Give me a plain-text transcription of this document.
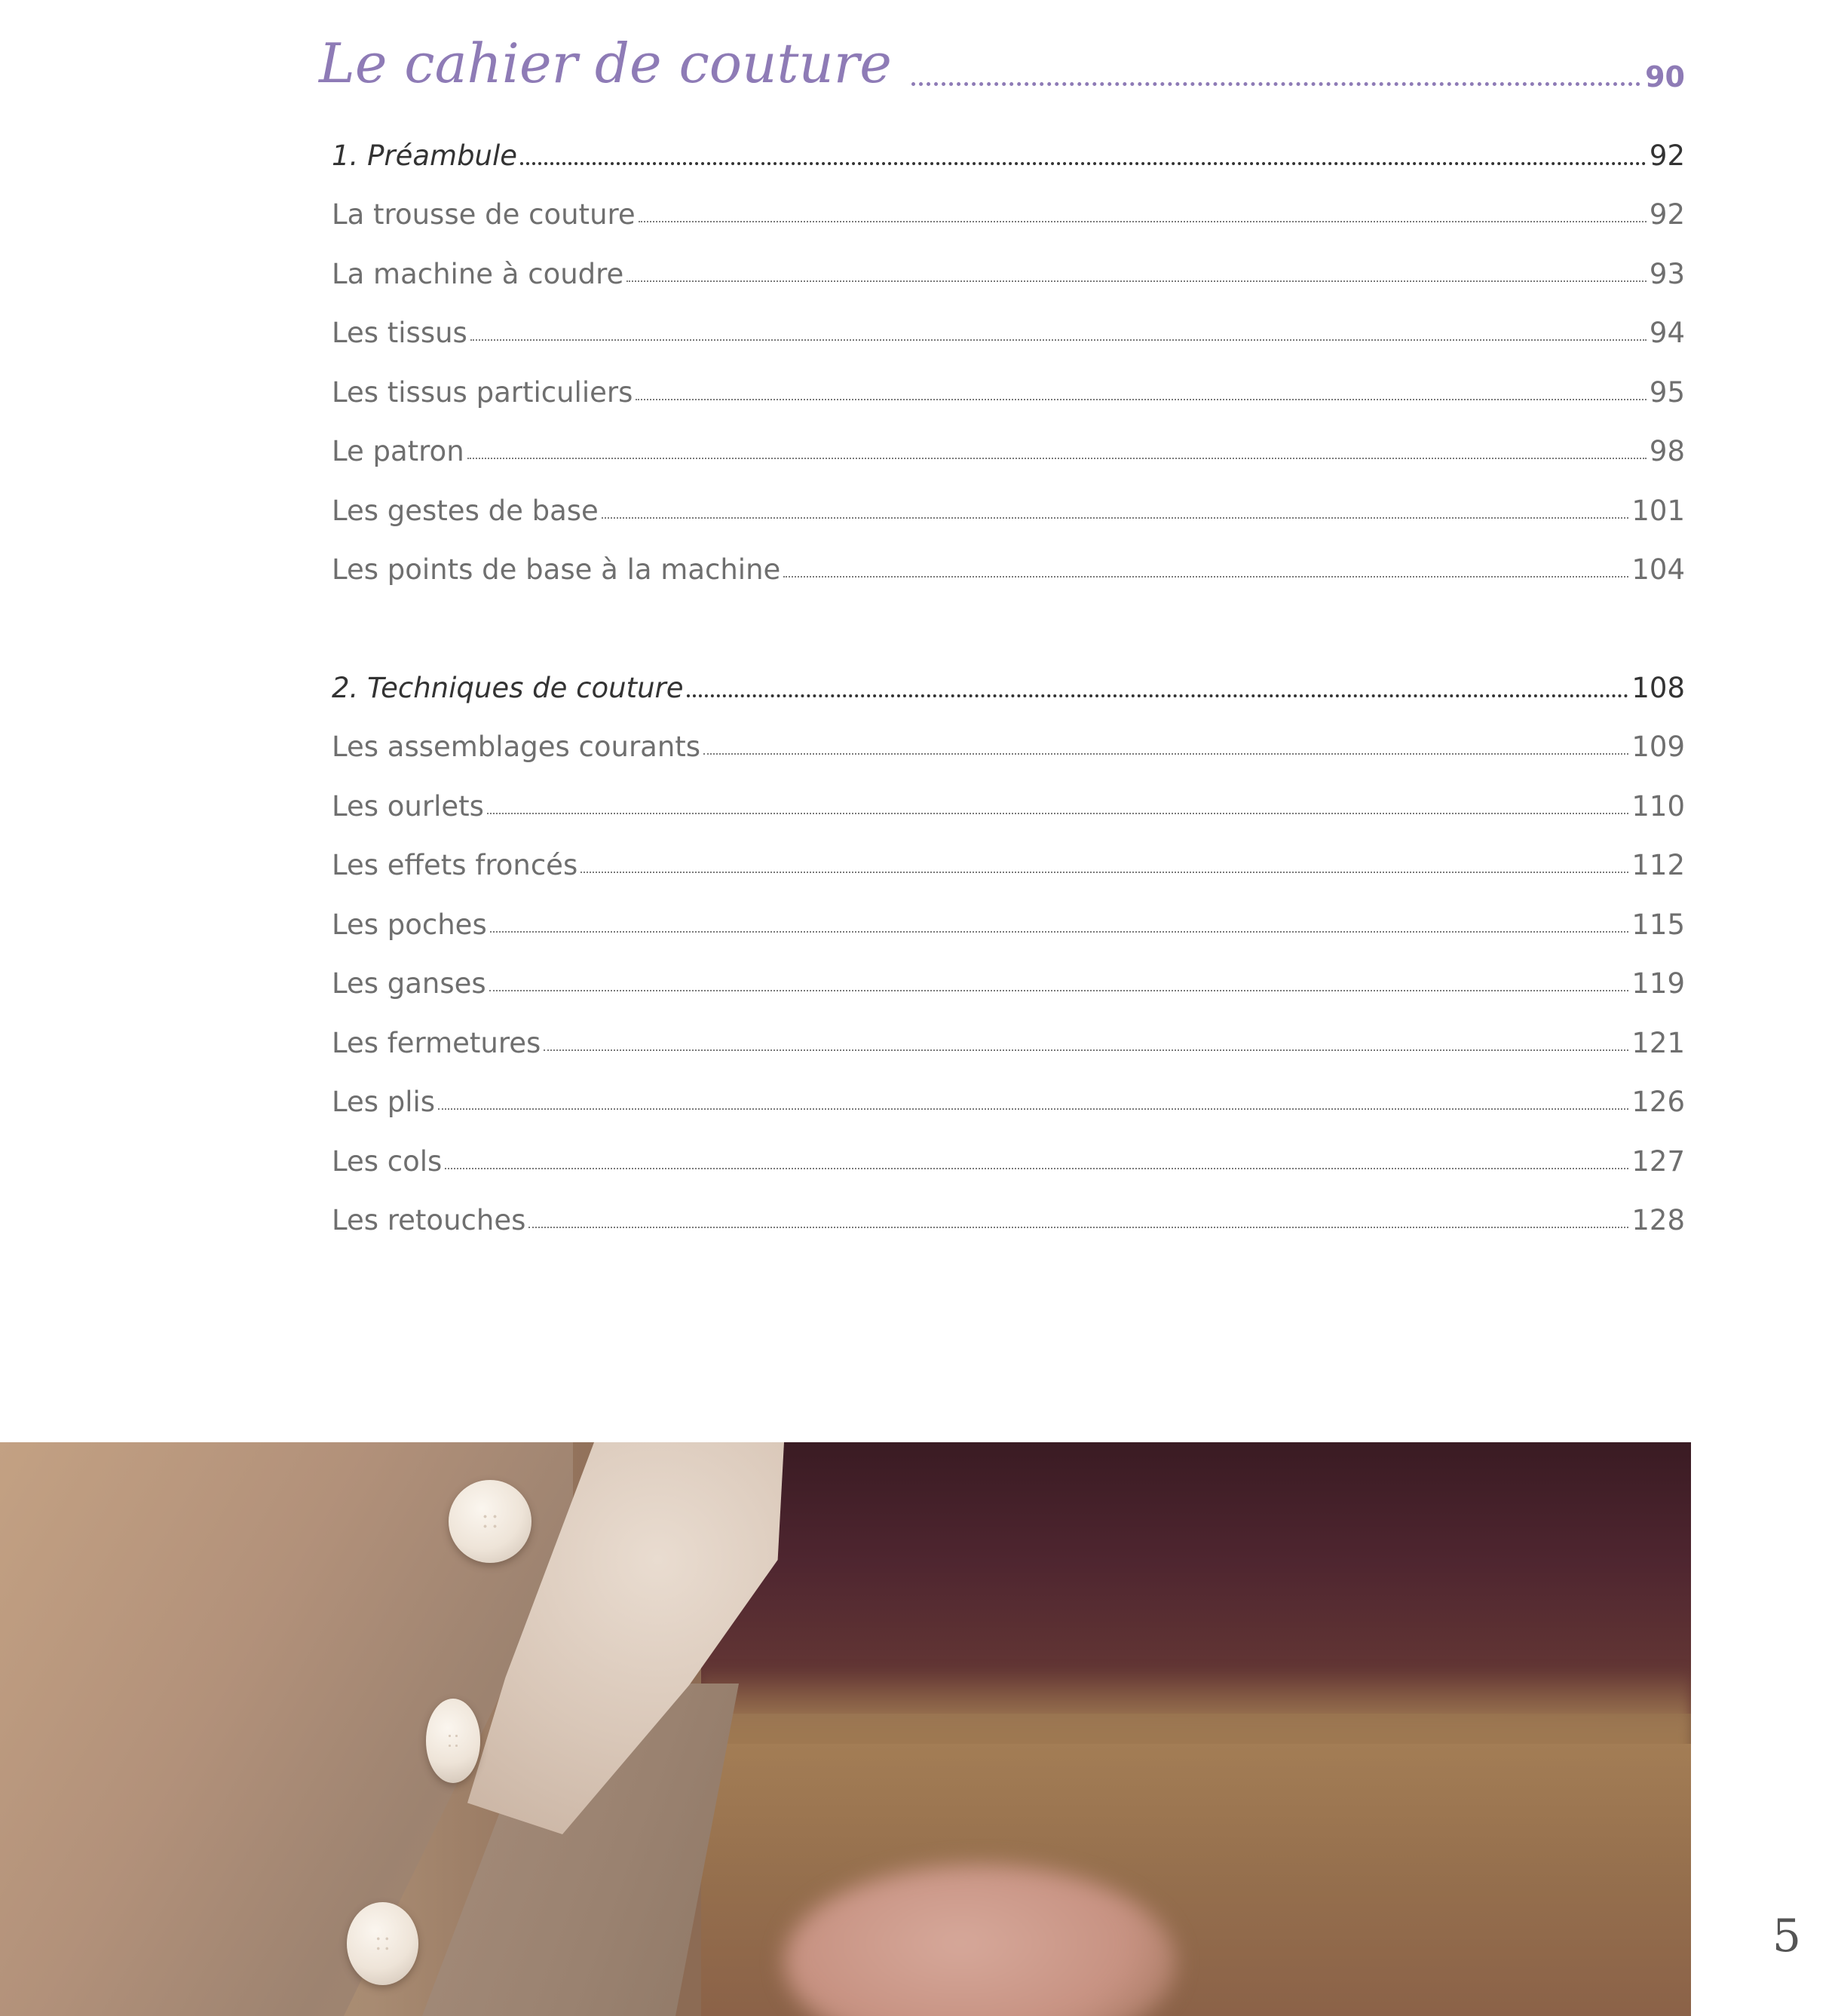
Le cahier de couture	90
1. Préambule	92
La trousse de couture	92
La machine à coudre	93
Les tissus	94
Les tissus particuliers	95
Le patron	98
Les gestes de base	101
Les points de base à la machine	104
2. Techniques de couture	108
Les assemblages courants	109
Les ourlets	110
Les effets froncés	112
Les poches	115
Les ganses	119
Les fermetures	121
Les plis	126
Les cols	127
Les retouches	128
5
